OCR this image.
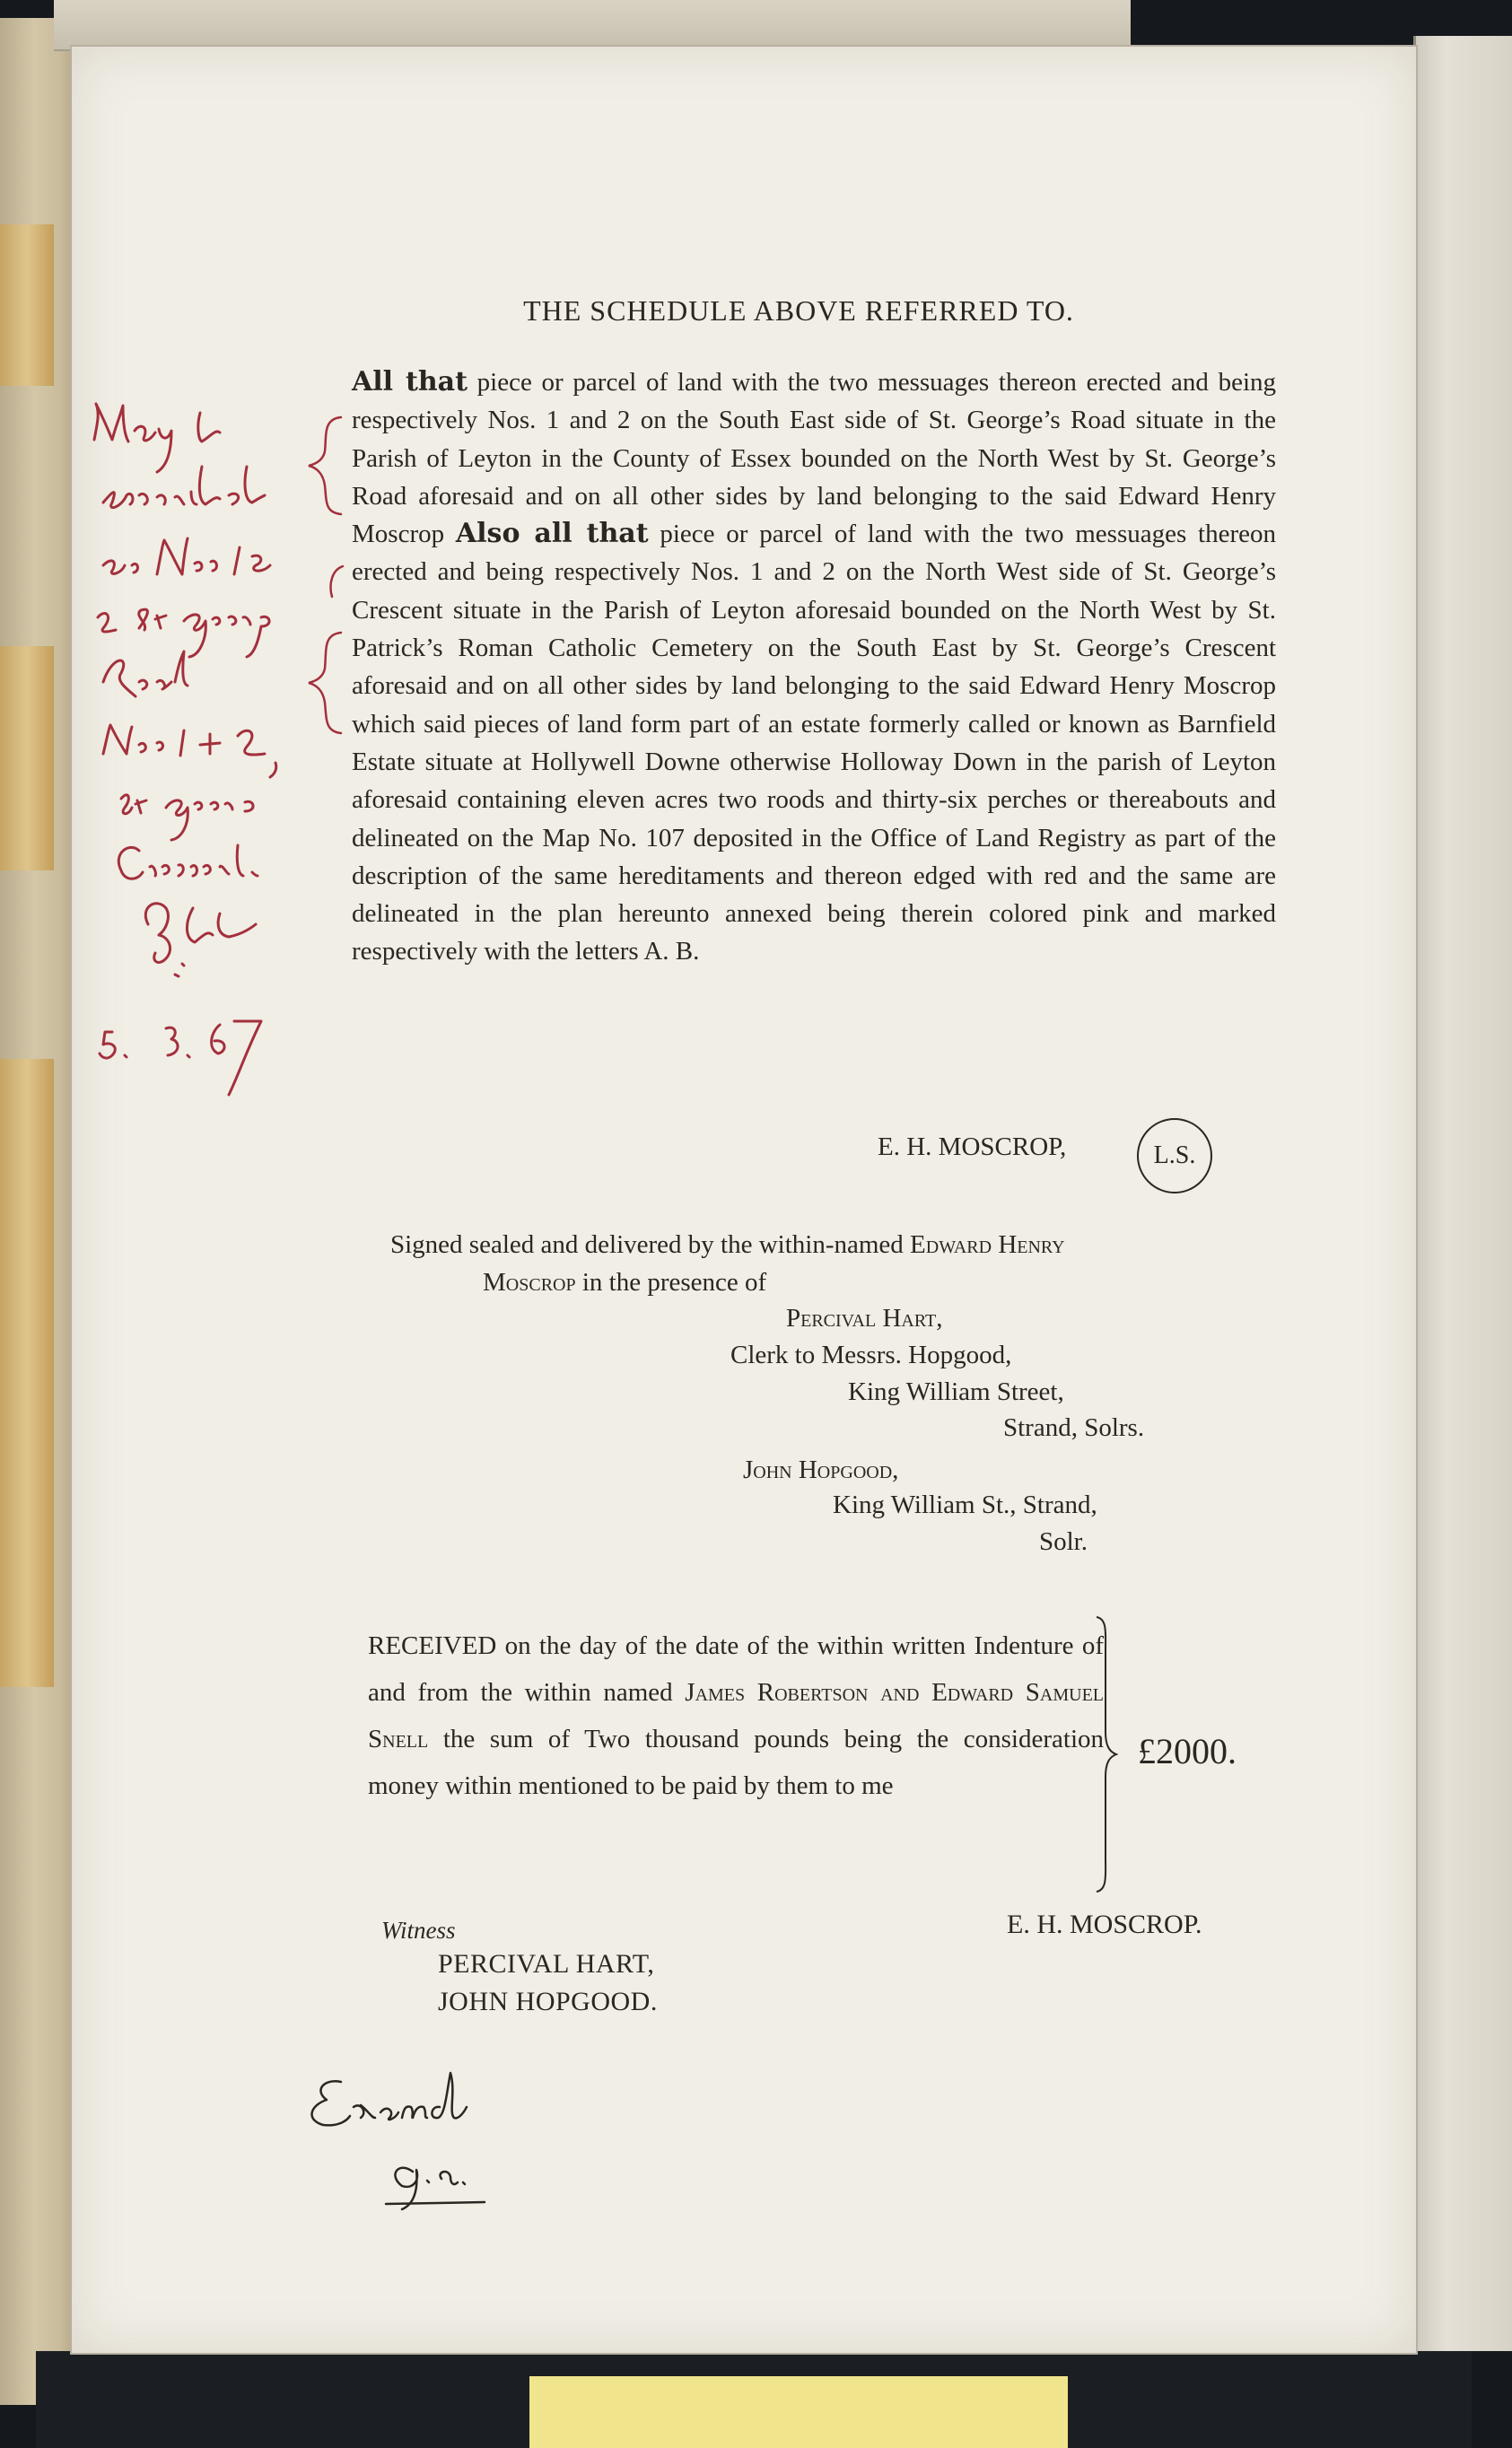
THE SCHEDULE ABOVE REFERRED TO.

All that piece or parcel of land with the two messuages thereon erected and being respectively Nos. 1 and 2 on the South East side of St. George’s Road situate in the Parish of Leyton in the County of Essex bounded on the North West by St. George’s Road aforesaid and on all other sides by land belonging to the said Edward Henry Moscrop Also all that piece or parcel of land with the two messuages thereon erected and being respectively Nos. 1 and 2 on the North West side of St. George’s Crescent situate in the Parish of Leyton aforesaid bounded on the North West by St. Patrick’s Roman Catholic Cemetery on the South East by St. George’s Crescent aforesaid and on all other sides by land belonging to the said Edward Henry Moscrop which said pieces of land form part of an estate formerly called or known as Barnfield Estate situate at Hollywell Downe otherwise Holloway Down in the parish of Leyton aforesaid containing eleven acres two roods and thirty-six perches or thereabouts and delineated on the Map No. 107 deposited in the Office of Land Registry as part of the description of the same hereditaments and thereon edged with red and the same are delineated in the plan hereunto annexed being therein colored pink and marked respectively with the letters A. B.

E. H. MOSCROP,	L.S.

Signed sealed and delivered by the within-named Edward Henry

Moscrop in the presence of

Percival Hart,

Clerk to Messrs. Hopgood,

King William Street,

Strand, Solrs.

John Hopgood,

King William St., Strand,

Solr.

RECEIVED on the day of the date of the within written Indenture of and from the within named James Robertson and Edward Samuel Snell the sum of Two thousand pounds being the consideration money within mentioned to be paid by them to me

£2000.

E. H. MOSCROP.

Witness

PERCIVAL HART,

JOHN HOPGOOD.
